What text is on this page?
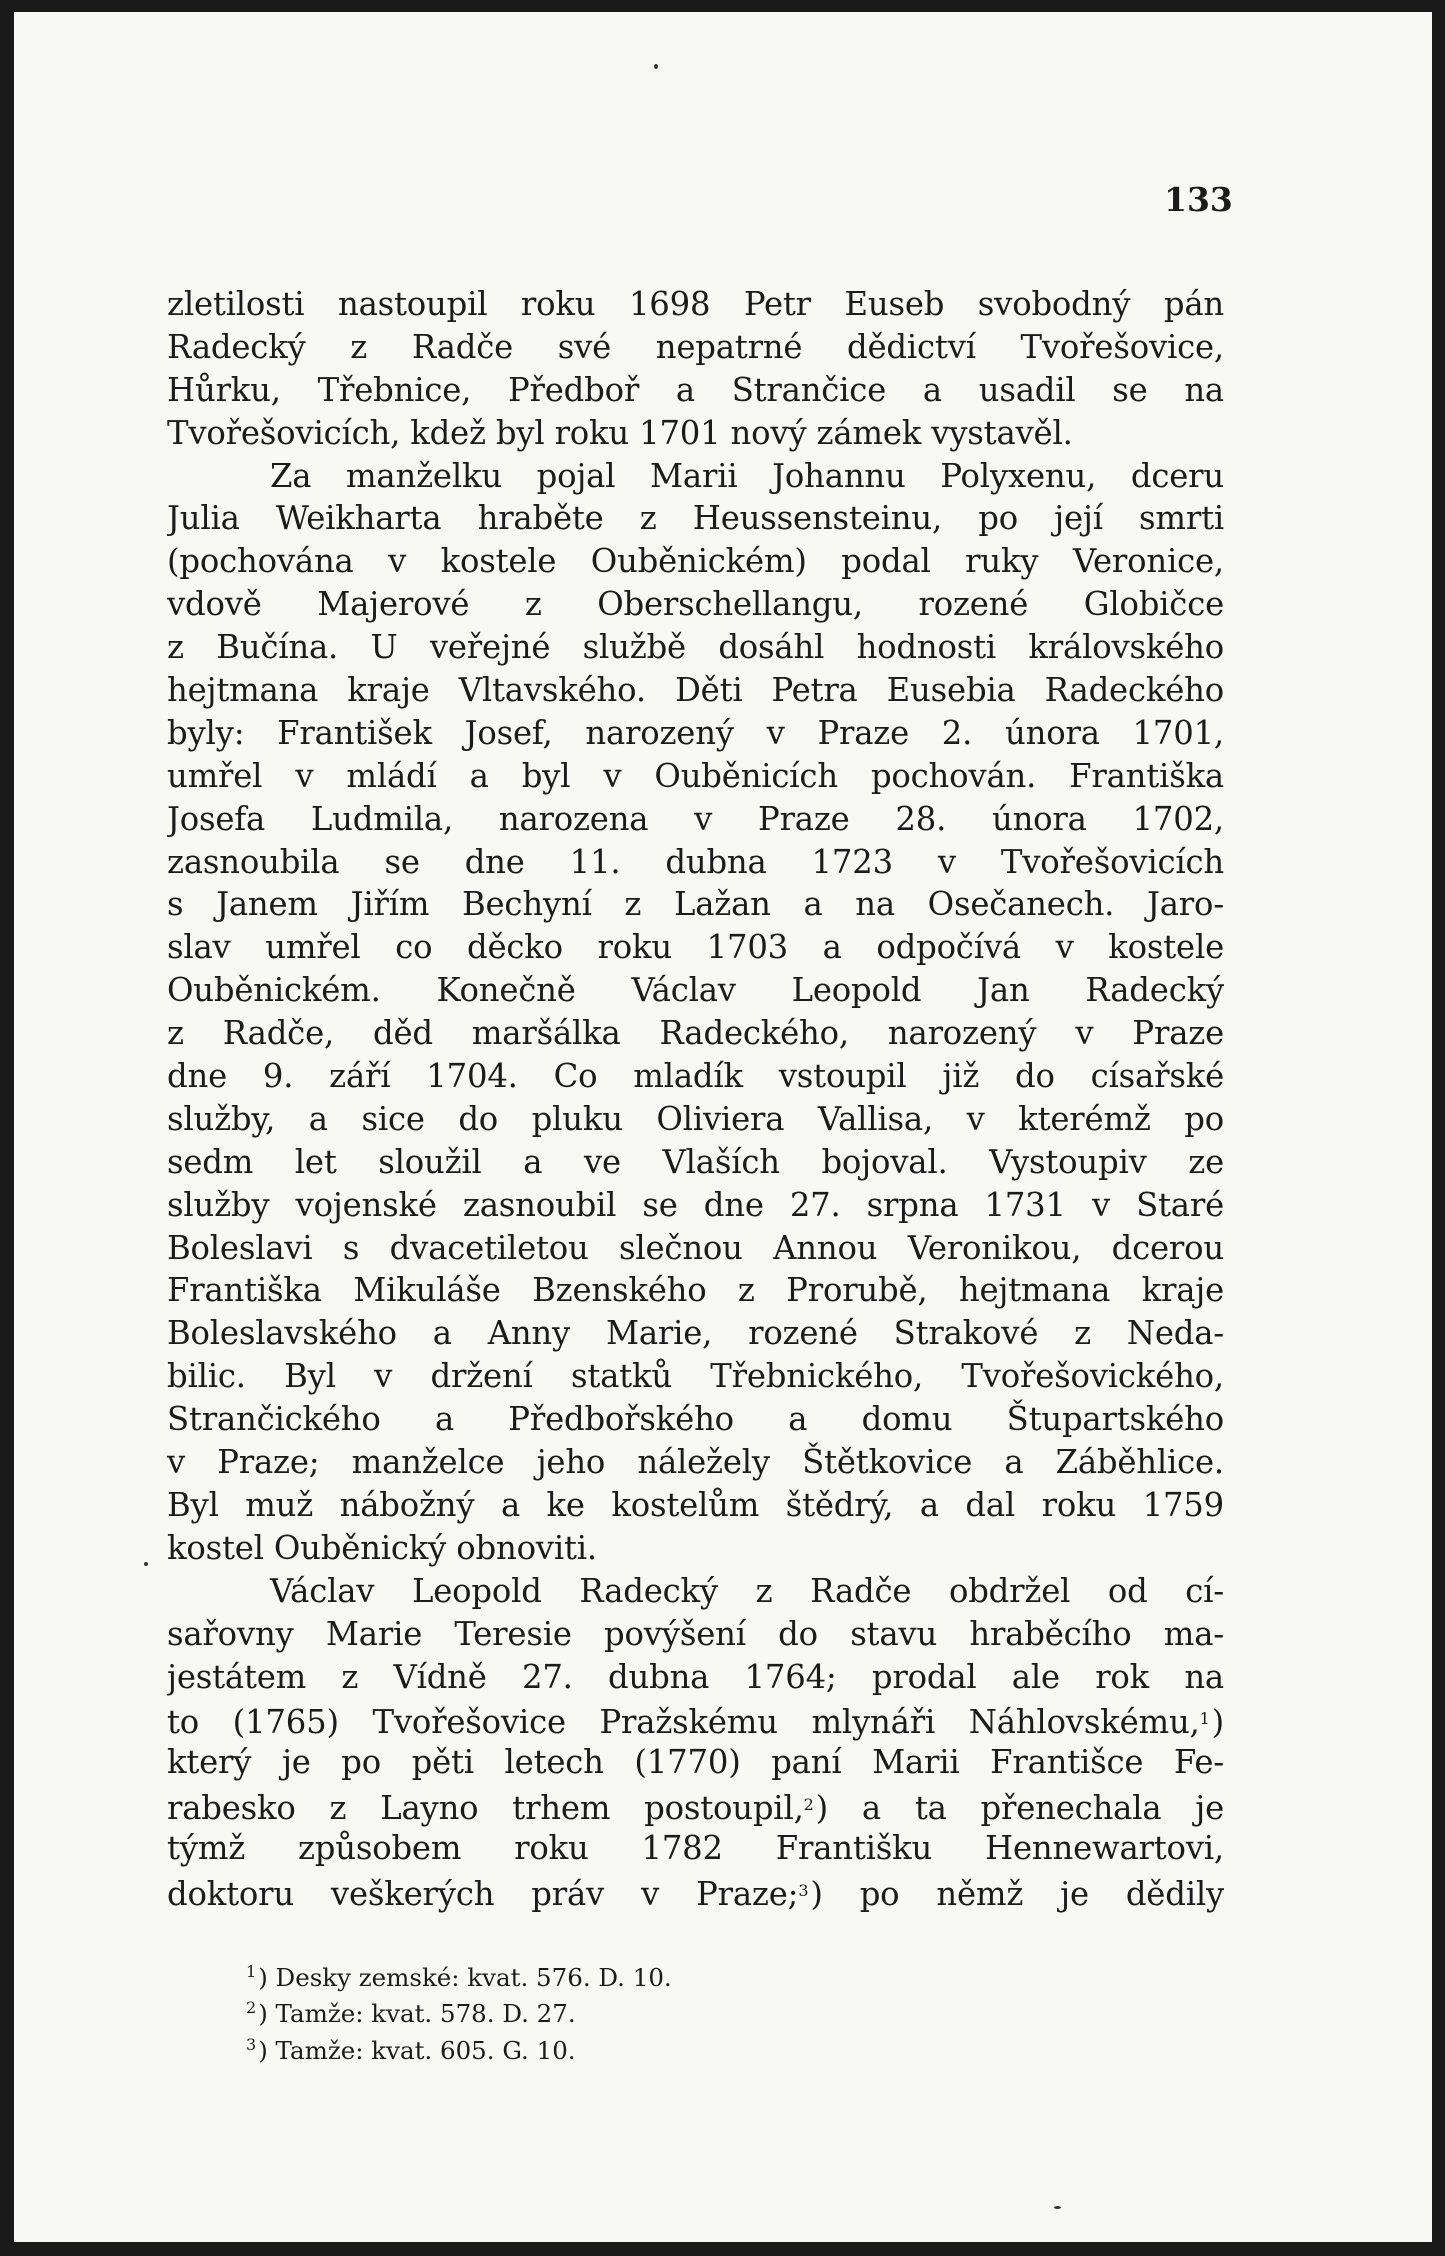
133
zletilosti nastoupil roku 1698 Petr Euseb svobodný pán
Radecký z Radče své nepatrné dědictví Tvořešovice,
Hůrku, Třebnice, Předboř a Strančice a usadil se na
Tvořešovicích, kdež byl roku 1701 nový zámek vystavěl.
Za manželku pojal Marii Johannu Polyxenu, dceru
Julia Weikharta hraběte z Heussensteinu, po její smrti
(pochována v kostele Ouběnickém) podal ruky Veronice,
vdově Majerové z Oberschellangu, rozené Globičce
z Bučína. U veřejné službě dosáhl hodnosti královského
hejtmana kraje Vltavského. Děti Petra Eusebia Radeckého
byly: František Josef, narozený v Praze 2. února 1701,
umřel v mládí a byl v Ouběnicích pochován. Františka
Josefa Ludmila, narozena v Praze 28. února 1702,
zasnoubila se dne 11. dubna 1723 v Tvořešovicích
s Janem Jiřím Bechyní z Lažan a na Osečanech. Jaro-
slav umřel co děcko roku 1703 a odpočívá v kostele
Ouběnickém. Konečně Václav Leopold Jan Radecký
z Radče, děd maršálka Radeckého, narozený v Praze
dne 9. září 1704. Co mladík vstoupil již do císařské
služby, a sice do pluku Oliviera Vallisa, v kterémž po
sedm let sloužil a ve Vlaších bojoval. Vystoupiv ze
služby vojenské zasnoubil se dne 27. srpna 1731 v Staré
Boleslavi s dvacetiletou slečnou Annou Veronikou, dcerou
Františka Mikuláše Bzenského z Prorubě, hejtmana kraje
Boleslavského a Anny Marie, rozené Strakové z Neda-
bilic. Byl v držení statků Třebnického, Tvořešovického,
Strančického a Předbořského a domu Štupartského
v Praze; manželce jeho náležely Štětkovice a Záběhlice.
Byl muž nábožný a ke kostelům štědrý, a dal roku 1759
kostel Ouběnický obnoviti.
Václav Leopold Radecký z Radče obdržel od cí-
sařovny Marie Teresie povýšení do stavu hraběcího ma-
jestátem z Vídně 27. dubna 1764; prodal ale rok na
to (1765) Tvořešovice Pražskému mlynáři Náhlovskému,$^1$)
který je po pěti letech (1770) paní Marii Františce Fe-
rabesko z Layno trhem postoupil,$^2$) a ta přenechala je
týmž způsobem roku 1782 Františku Hennewartovi,
doktoru veškerých práv v Praze;$^3$) po němž je dědily
$^1$) Desky zemské: kvat. 576. D. 10.
$^2$) Tamže: kvat. 578. D. 27.
$^3$) Tamže: kvat. 605. G. 10.
